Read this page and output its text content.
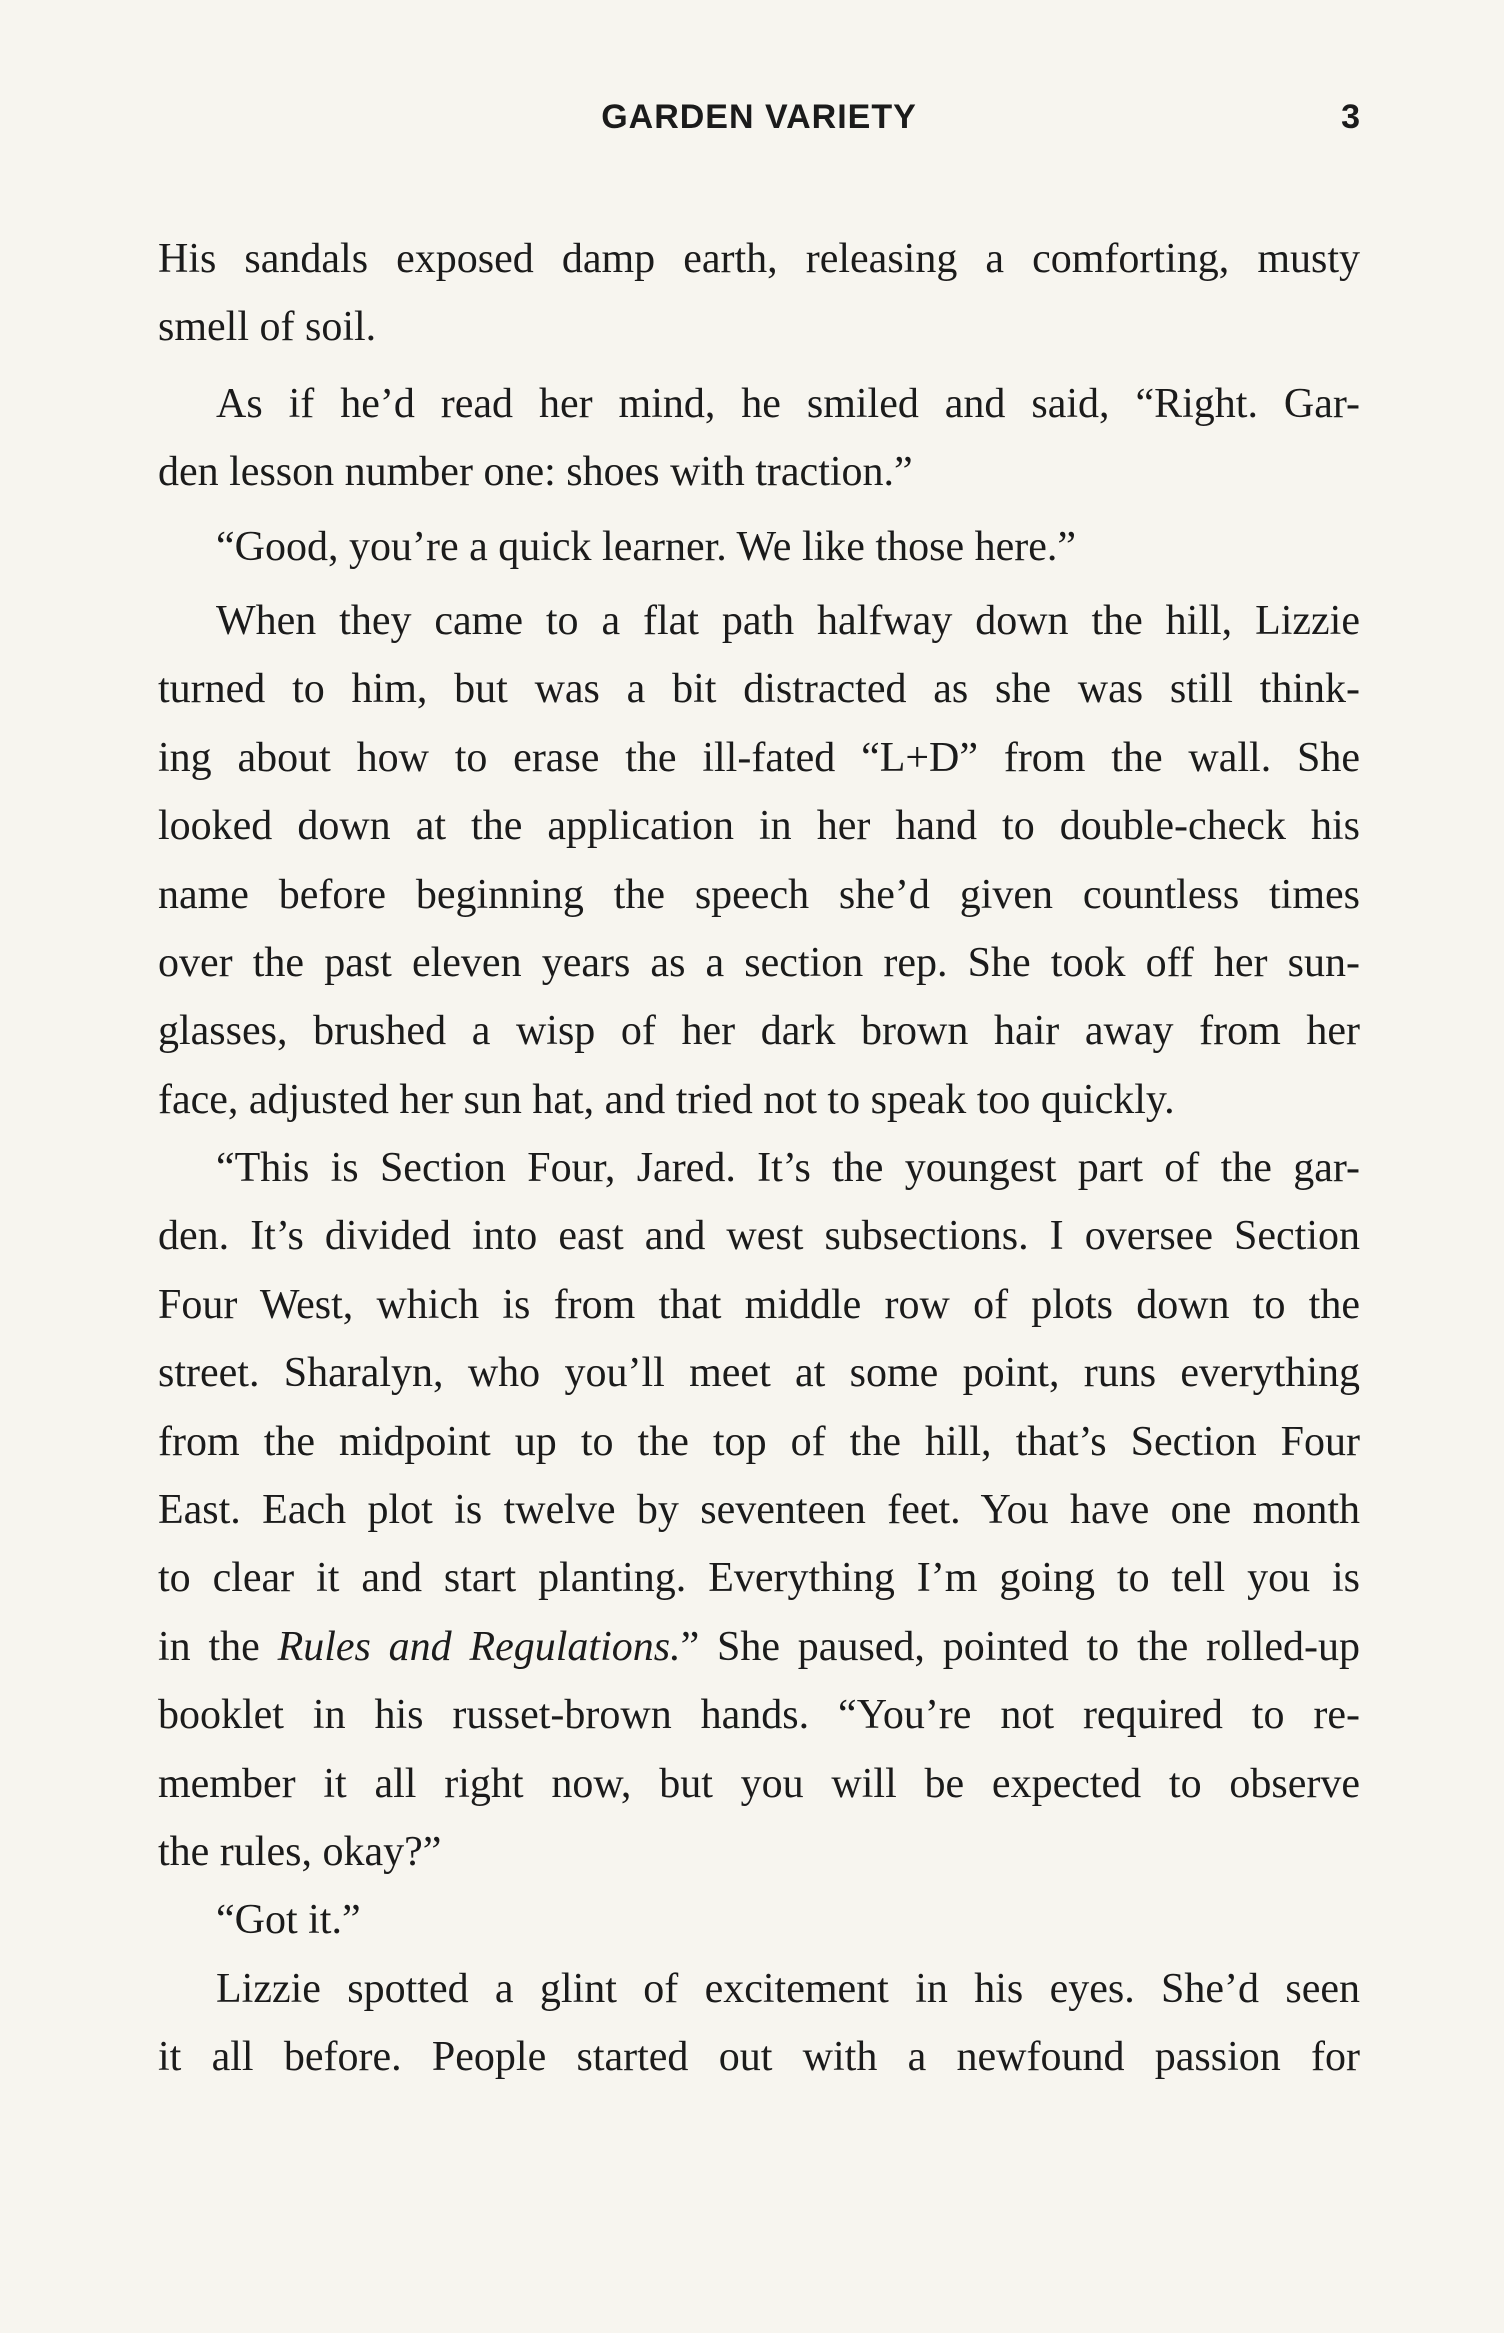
GARDEN VARIETY	3
His sandals exposed damp earth, releasing a comforting, musty
smell of soil.
As if he’d read her mind, he smiled and said, “Right. Gar-
den lesson number one: shoes with traction.”
“Good, you’re a quick learner. We like those here.”
When they came to a flat path halfway down the hill, Lizzie
turned to him, but was a bit distracted as she was still think-
ing about how to erase the ill-fated “L+D” from the wall. She
looked down at the application in her hand to double-check his
name before beginning the speech she’d given countless times
over the past eleven years as a section rep. She took off her sun-
glasses, brushed a wisp of her dark brown hair away from her
face, adjusted her sun hat, and tried not to speak too quickly.
“This is Section Four, Jared. It’s the youngest part of the gar-
den. It’s divided into east and west subsections. I oversee Section
Four West, which is from that middle row of plots down to the
street. Sharalyn, who you’ll meet at some point, runs everything
from the midpoint up to the top of the hill, that’s Section Four
East. Each plot is twelve by seventeen feet. You have one month
to clear it and start planting. Everything I’m going to tell you is
in the Rules and Regulations.” She paused, pointed to the rolled-up
booklet in his russet-brown hands. “You’re not required to re-
member it all right now, but you will be expected to observe
the rules, okay?”
“Got it.”
Lizzie spotted a glint of excitement in his eyes. She’d seen
it all before. People started out with a newfound passion for
